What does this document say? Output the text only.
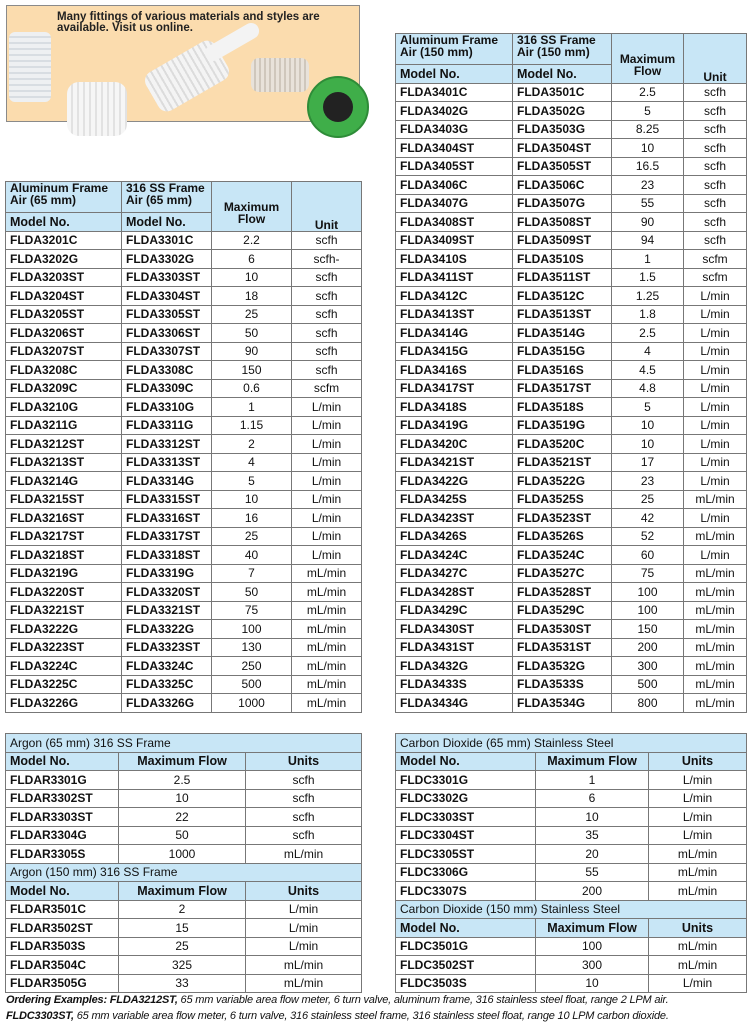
Many fittings of various materials and styles are
available. Visit us online.
Aluminum Frame Air (65 mm)	316 SS Frame Air (65 mm)	Maximum Flow	Unit
Model No.	Model No.		
FLDA3201C	FLDA3301C	2.2	scfh
FLDA3202G	FLDA3302G	6	scfh-
FLDA3203ST	FLDA3303ST	10	scfh
FLDA3204ST	FLDA3304ST	18	scfh
FLDA3205ST	FLDA3305ST	25	scfh
FLDA3206ST	FLDA3306ST	50	scfh
FLDA3207ST	FLDA3307ST	90	scfh
FLDA3208C	FLDA3308C	150	scfh
FLDA3209C	FLDA3309C	0.6	scfm
FLDA3210G	FLDA3310G	1	L/min
FLDA3211G	FLDA3311G	1.15	L/min
FLDA3212ST	FLDA3312ST	2	L/min
FLDA3213ST	FLDA3313ST	4	L/min
FLDA3214G	FLDA3314G	5	L/min
FLDA3215ST	FLDA3315ST	10	L/min
FLDA3216ST	FLDA3316ST	16	L/min
FLDA3217ST	FLDA3317ST	25	L/min
FLDA3218ST	FLDA3318ST	40	L/min
FLDA3219G	FLDA3319G	7	mL/min
FLDA3220ST	FLDA3320ST	50	mL/min
FLDA3221ST	FLDA3321ST	75	mL/min
FLDA3222G	FLDA3322G	100	mL/min
FLDA3223ST	FLDA3323ST	130	mL/min
FLDA3224C	FLDA3324C	250	mL/min
FLDA3225C	FLDA3325C	500	mL/min
FLDA3226G	FLDA3326G	1000	mL/min
Aluminum Frame Air (150 mm)	316 SS Frame Air (150 mm)	Maximum Flow	Unit
Model No.	Model No.		
FLDA3401C	FLDA3501C	2.5	scfh
FLDA3402G	FLDA3502G	5	scfh
FLDA3403G	FLDA3503G	8.25	scfh
FLDA3404ST	FLDA3504ST	10	scfh
FLDA3405ST	FLDA3505ST	16.5	scfh
FLDA3406C	FLDA3506C	23	scfh
FLDA3407G	FLDA3507G	55	scfh
FLDA3408ST	FLDA3508ST	90	scfh
FLDA3409ST	FLDA3509ST	94	scfh
FLDA3410S	FLDA3510S	1	scfm
FLDA3411ST	FLDA3511ST	1.5	scfm
FLDA3412C	FLDA3512C	1.25	L/min
FLDA3413ST	FLDA3513ST	1.8	L/min
FLDA3414G	FLDA3514G	2.5	L/min
FLDA3415G	FLDA3515G	4	L/min
FLDA3416S	FLDA3516S	4.5	L/min
FLDA3417ST	FLDA3517ST	4.8	L/min
FLDA3418S	FLDA3518S	5	L/min
FLDA3419G	FLDA3519G	10	L/min
FLDA3420C	FLDA3520C	10	L/min
FLDA3421ST	FLDA3521ST	17	L/min
FLDA3422G	FLDA3522G	23	L/min
FLDA3425S	FLDA3525S	25	mL/min
FLDA3423ST	FLDA3523ST	42	L/min
FLDA3426S	FLDA3526S	52	mL/min
FLDA3424C	FLDA3524C	60	L/min
FLDA3427C	FLDA3527C	75	mL/min
FLDA3428ST	FLDA3528ST	100	mL/min
FLDA3429C	FLDA3529C	100	mL/min
FLDA3430ST	FLDA3530ST	150	mL/min
FLDA3431ST	FLDA3531ST	200	mL/min
FLDA3432G	FLDA3532G	300	mL/min
FLDA3433S	FLDA3533S	500	mL/min
FLDA3434G	FLDA3534G	800	mL/min
Argon (65 mm) 316 SS Frame		
Model No.	Maximum Flow	Units
FLDAR3301G	2.5	scfh
FLDAR3302ST	10	scfh
FLDAR3303ST	22	scfh
FLDAR3304G	50	scfh
FLDAR3305S	1000	mL/min
Argon (150 mm) 316 SS Frame		
Model No.	Maximum Flow	Units
FLDAR3501C	2	L/min
FLDAR3502ST	15	L/min
FLDAR3503S	25	L/min
FLDAR3504C	325	mL/min
FLDAR3505G	33	mL/min
Carbon Dioxide (65 mm) Stainless Steel		
Model No.	Maximum Flow	Units
FLDC3301G	1	L/min
FLDC3302G	6	L/min
FLDC3303ST	10	L/min
FLDC3304ST	35	L/min
FLDC3305ST	20	mL/min
FLDC3306G	55	mL/min
FLDC3307S	200	mL/min
Carbon Dioxide (150 mm) Stainless Steel		
Model No.	Maximum Flow	Units
FLDC3501G	100	mL/min
FLDC3502ST	300	mL/min
FLDC3503S	10	L/min
Ordering Examples: FLDA3212ST, 65 mm variable area flow meter, 6 turn valve, aluminum frame, 316 stainless steel float, range 2 LPM air.
FLDC3303ST, 65 mm variable area flow meter, 6 turn valve, 316 stainless steel frame, 316 stainless steel float, range 10 LPM carbon dioxide.
